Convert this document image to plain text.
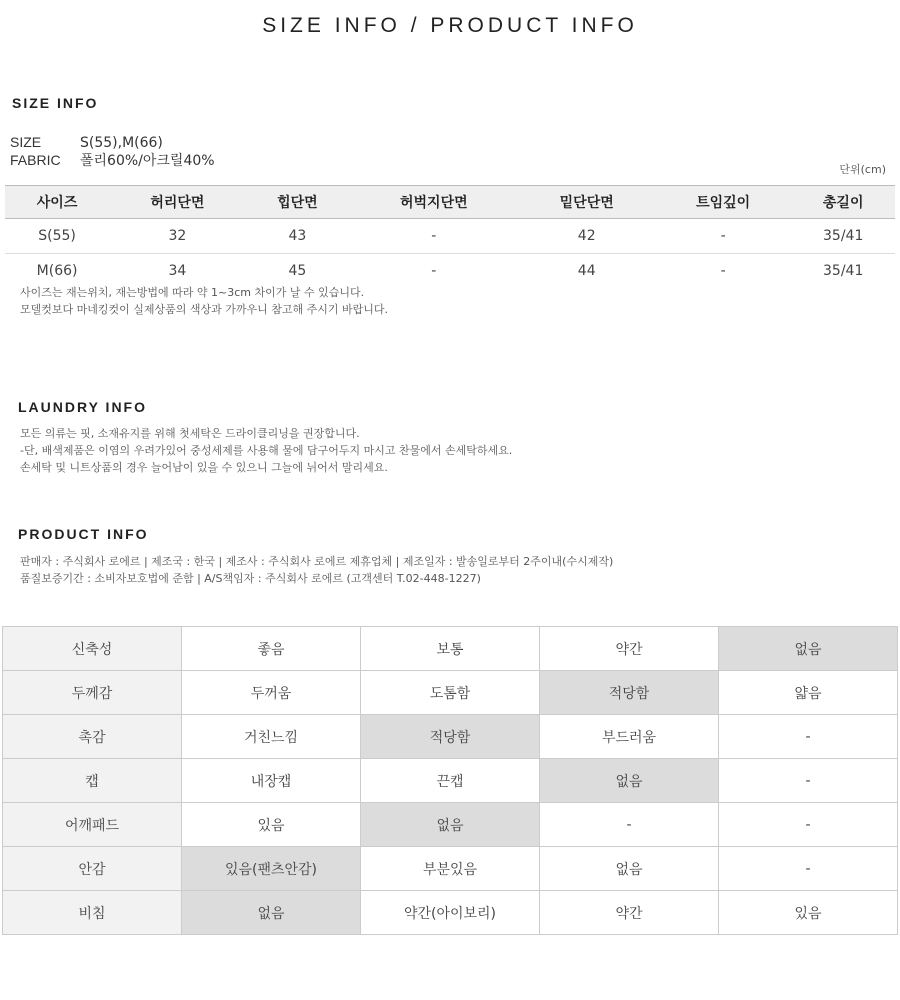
SIZE INFO / PRODUCT INFO
SIZE INFO
SIZE	S(55),M(66)
FABRIC 폴리60%/아크릴40%
단위(cm)
사이즈	허리단면	힙단면	허벅지단면	밑단단면	트임깊이	총길이
S(55)	32	43	-	42	-	35/41
M(66)	34	45	-	44	-	35/41

사이즈는 재는위치, 재는방법에 따라 약 1~3cm 차이가 날 수 있습니다.

모델컷보다 마네킹컷이 실제상품의 색상과 가까우니 참고해 주시기 바랍니다.

LAUNDRY INFO

모든 의류는 핏, 소재유지를 위해 첫세탁은 드라이클리닝을 권장합니다.

-단, 배색제품은 이염의 우려가있어 중성세제를 사용해 물에 담구어두지 마시고 찬물에서 손세탁하세요.

손세탁 및 니트상품의 경우 늘어남이 있을 수 있으니 그늘에 뉘어서 말리세요.

PRODUCT INFO

판매자 : 주식회사 로에르 | 제조국 : 한국 | 제조사 : 주식회사 로에르 제휴업체 | 제조일자 : 발송일로부터 2주이내(수시제작)

품질보증기간 : 소비자보호법에 준함 | A/S책임자 : 주식회사 로에르 (고객센터 T.02-448-1227)

신축성	좋음	보통	약간	없음
두께감	두꺼움	도톰함	적당함	얇음
촉감	거친느낌	적당함	부드러움	-
캡	내장캡	끈캡	없음	-
어깨패드	있음	없음	-	-
안감	있음(팬츠안감)	부분있음	없음	-
비침	없음	약간(아이보리)	약간	있음
